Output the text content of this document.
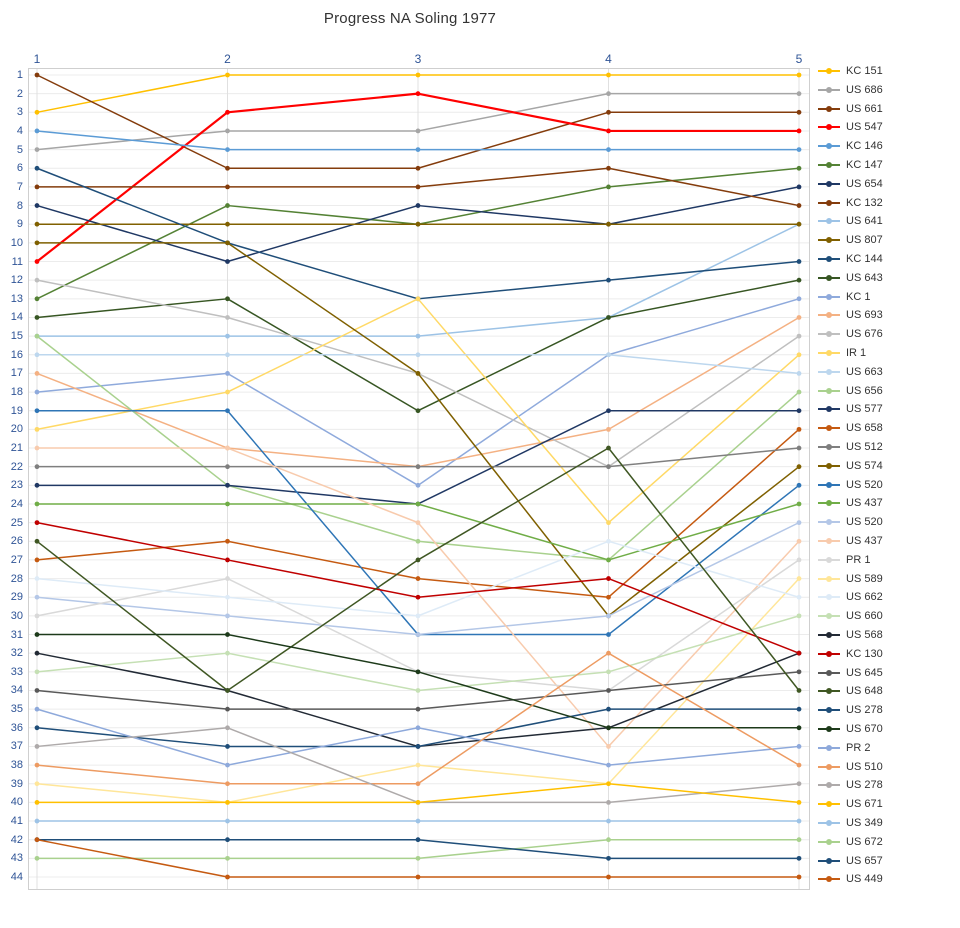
Progress NA Soling 1977
1	2	3	4	5
1
2
3
4
5
6
7
8
9
10
11
12
13
14
15
16
17
18
19
20
21
22
23
24
25
26
27
28
29
30
31
32
33
34
35
36
37
38
39
40
41
42
43
44
KC 151
US 686
US 661
US 547
KC 146
KC 147
US 654
KC 132
US 641
US 807
KC 144
US 643
KC 1
US 693
US 676
IR 1
US 663
US 656
US 577
US 658
US 512
US 574
US 520
US 437
US 520
US 437
PR 1
US 589
US 662
US 660
US 568
KC 130
US 645
US 648
US 278
US 670
PR 2
US 510
US 278
US 671
US 349
US 672
US 657
US 449
